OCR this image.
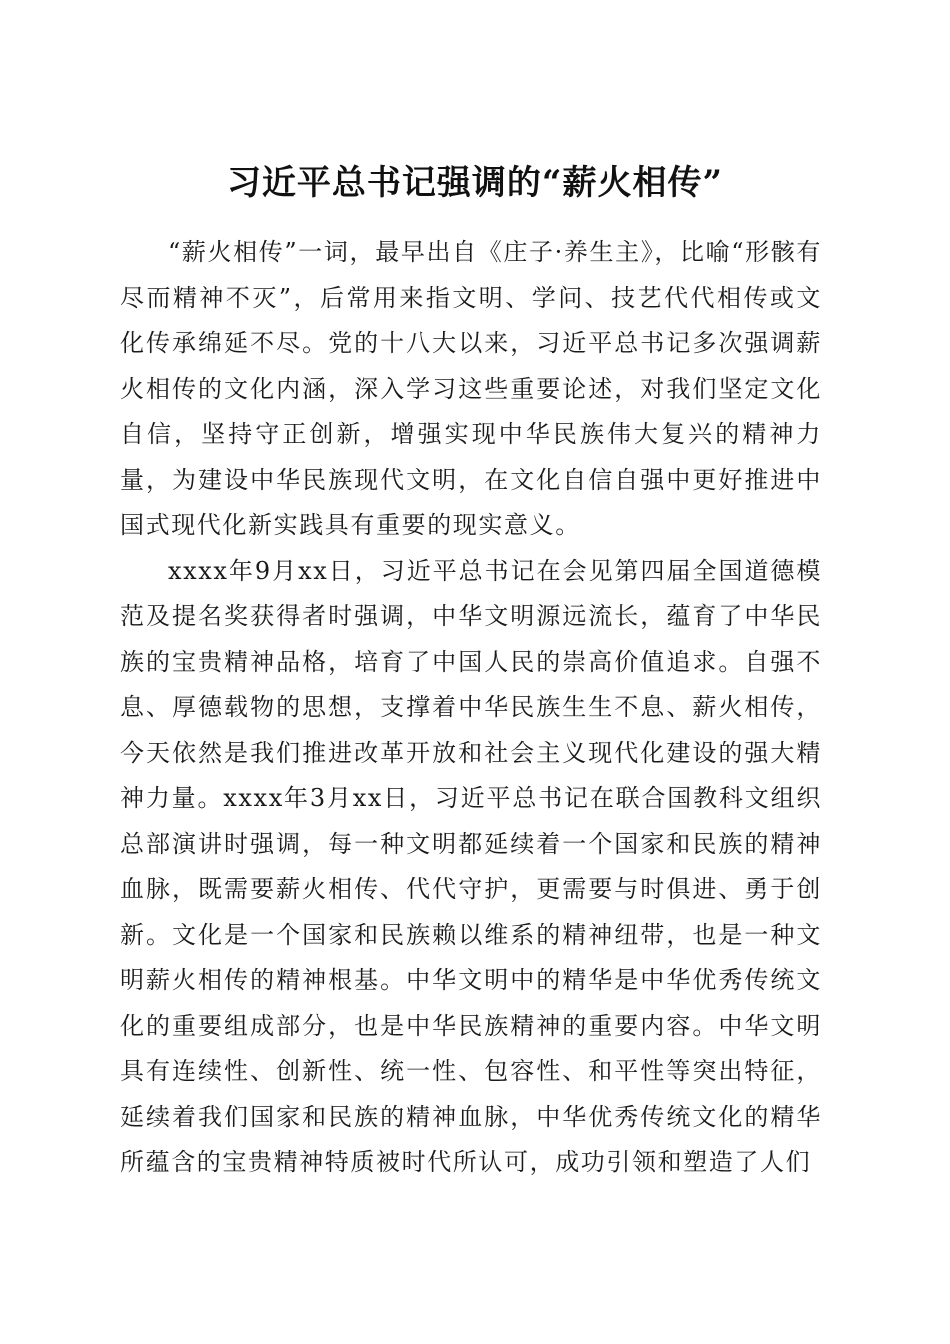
习近平总书记强调的“薪火相传”

“薪火相传”一词，最早出自《庄子·养生主》，比喻“形骸有尽而精神不灭”，后常用来指文明、学问、技艺代代相传或文化传承绵延不尽。党的十八大以来，习近平总书记多次强调薪火相传的文化内涵，深入学习这些重要论述，对我们坚定文化自信，坚持守正创新，增强实现中华民族伟大复兴的精神力量，为建设中华民族现代文明，在文化自信自强中更好推进中国式现代化新实践具有重要的现实意义。

xxxx年9月xx日，习近平总书记在会见第四届全国道德模范及提名奖获得者时强调，中华文明源远流长，蕴育了中华民族的宝贵精神品格，培育了中国人民的崇高价值追求。自强不息、厚德载物的思想，支撑着中华民族生生不息、薪火相传，今天依然是我们推进改革开放和社会主义现代化建设的强大精神力量。xxxx年3月xx日，习近平总书记在联合国教科文组织总部演讲时强调，每一种文明都延续着一个国家和民族的精神血脉，既需要薪火相传、代代守护，更需要与时俱进、勇于创新。文化是一个国家和民族赖以维系的精神纽带，也是一种文明薪火相传的精神根基。中华文明中的精华是中华优秀传统文化的重要组成部分，也是中华民族精神的重要内容。中华文明具有连续性、创新性、统一性、包容性、和平性等突出特征，延续着我们国家和民族的精神血脉，中华优秀传统文化的精华所蕴含的宝贵精神特质被时代所认可，成功引领和塑造了人们
